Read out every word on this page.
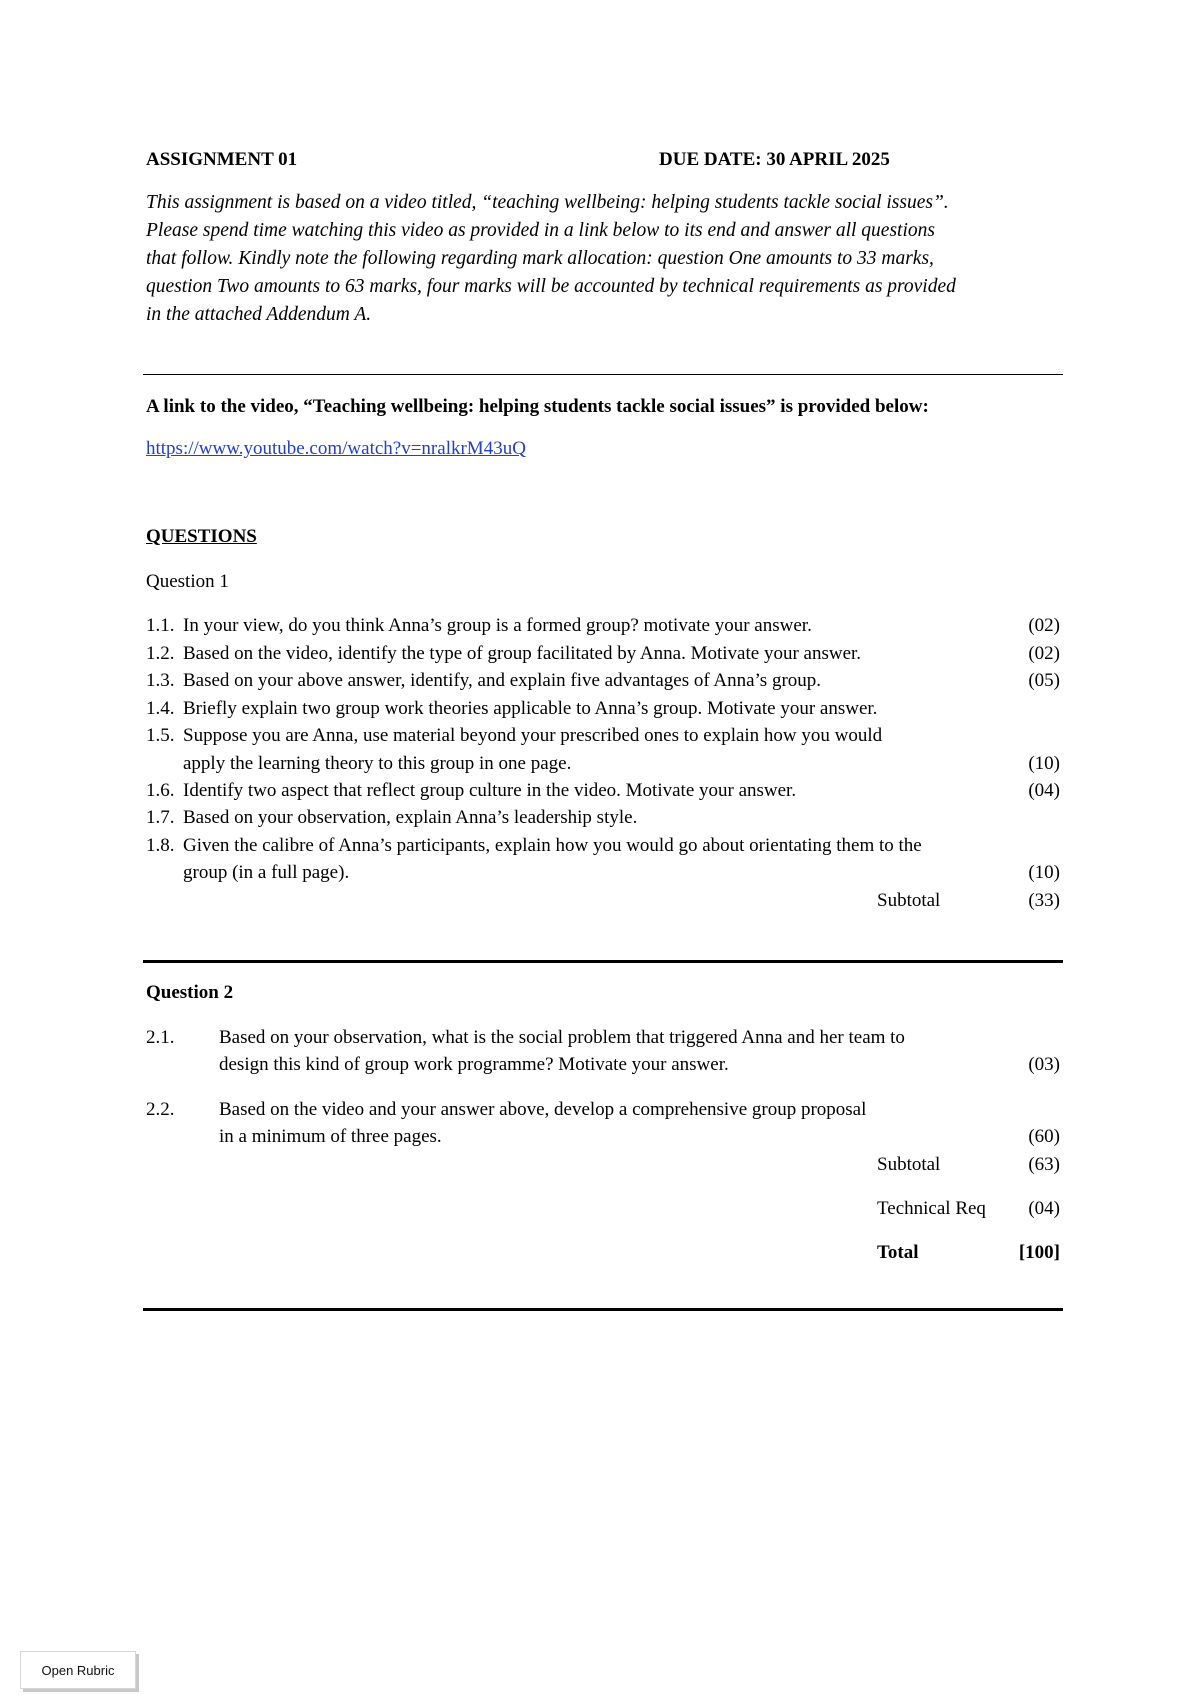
ASSIGNMENT 01	DUE DATE: 30 APRIL 2025
This assignment is based on a video titled, “teaching wellbeing: helping students tackle social issues”.
Please spend time watching this video as provided in a link below to its end and answer all questions
that follow. Kindly note the following regarding mark allocation: question One amounts to 33 marks,
question Two amounts to 63 marks, four marks will be accounted by technical requirements as provided
in the attached Addendum A.
A link to the video, “Teaching wellbeing: helping students tackle social issues” is provided below:
https://www.youtube.com/watch?v=nralkrM43uQ
QUESTIONS
Question 1
1.1. In your view, do you think Anna’s group is a formed group? motivate your answer.	(02)
1.2. Based on the video, identify the type of group facilitated by Anna. Motivate your answer.	(02)
1.3. Based on your above answer, identify, and explain five advantages of Anna’s group.	(05)
1.4. Briefly explain two group work theories applicable to Anna’s group. Motivate your answer.
1.5. Suppose you are Anna, use material beyond your prescribed ones to explain how you would
apply the learning theory to this group in one page.	(10)
1.6. Identify two aspect that reflect group culture in the video. Motivate your answer.	(04)
1.7. Based on your observation, explain Anna’s leadership style.
1.8. Given the calibre of Anna’s participants, explain how you would go about orientating them to the
group (in a full page).	(10)
Subtotal	(33)
Question 2
2.1. Based on your observation, what is the social problem that triggered Anna and her team to
design this kind of group work programme? Motivate your answer.	(03)
2.2. Based on the video and your answer above, develop a comprehensive group proposal
in a minimum of three pages.	(60)
Subtotal	(63)
Technical Req (04)
Total	[100]
Open Rubric
